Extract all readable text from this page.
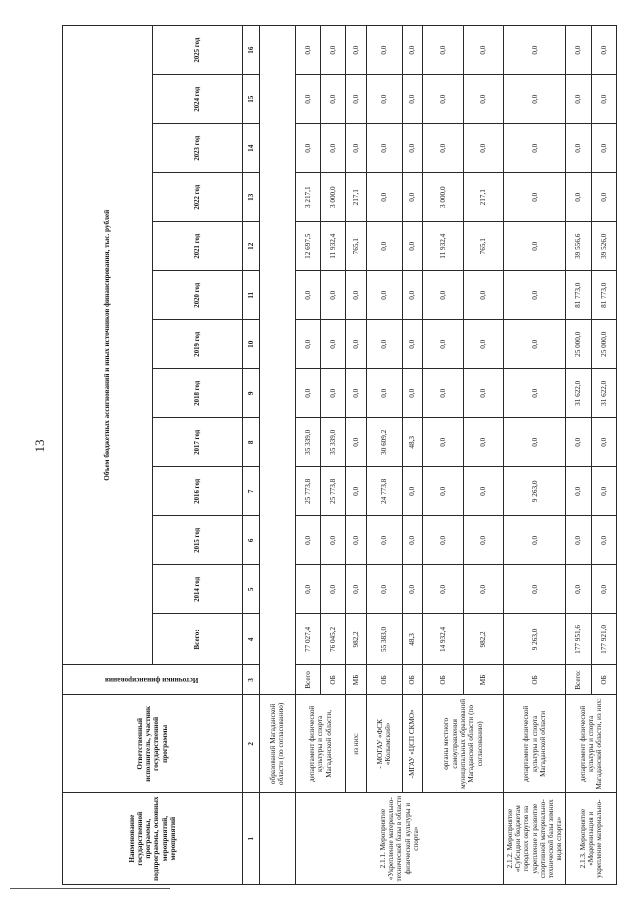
13
Наименование государственной программы, подпрограммы, основных мероприятий, мероприятий	Ответственный исполнитель, участник государственной программы	Источники финансирования	Объем бюджетных ассигнований и иных источников финансирования, тыс. рублей												
			Всего:	2014 год	2015 год	2016 год	2017 год	2018 год	2019 год	2020 год	2021 год	2022 год	2023 год	2024 год	2025 год
1	2	3	4	5	6	7	8	9	10	11	12	13	14	15	16
	образований Магаданской области (по согласованию)														
2.1.1. Мероприятие «Укрепление материально-технической базы в области физической культуры и спорта»	департамент физической культуры и спорта Магаданской области,	Всего	77 027,4	0,0	0,0	25 773,8	35 339,0	0,0	0,0	0,0	12 697,5	3 217,1	0,0	0,0	0,0
		ОБ	76 045,2	0,0	0,0	25 773,8	35 339,0	0,0	0,0	0,0	11 932,4	3 000,0	0,0	0,0	0,0
	из них:	МБ	982,2	0,0	0,0	0,0	0,0	0,0	0,0	0,0	765,1	217,1	0,0	0,0	0,0
	- МОГАУ «ФСК «Колымский»	ОБ	55 383,0	0,0	0,0	24 773,8	30 609,2	0,0	0,0	0,0	0,0	0,0	0,0	0,0	0,0
	-МГАУ «ЦСП СКМО»	ОБ	48,3	0,0	0,0	0,0	48,3	0,0	0,0	0,0	0,0	0,0	0,0	0,0	0,0
	органы местного самоуправления муниципальных образований Магаданской области (по согласованию)	ОБ	14 932,4	0,0	0,0	0,0	0,0	0,0	0,0	0,0	11 932,4	3 000,0	0,0	0,0	0,0
		МБ	982,2	0,0	0,0	0,0	0,0	0,0	0,0	0,0	765,1	217,1	0,0	0,0	0,0
2.1.2. Мероприятие «Субсидии бюджетам городских округов на укрепление и развитие спортивной материально-технической базы зимних видов спорта»	департамент физической культуры и спорта Магаданской области	ОБ	9 263,0	0,0	0,0	9 263,0	0,0	0,0	0,0	0,0	0,0	0,0	0,0	0,0	0,0
2.1.3. Мероприятие «Модернизация и укрепление материально-	департамент физической культуры и спорта Магаданской области, из них:	Всего:	177 951,6	0,0	0,0	0,0	0,0	31 622,0	25 000,0	81 773,0	39 556,6	0,0	0,0	0,0	0,0
		ОБ	177 921,0	0,0	0,0	0,0	0,0	31 622,0	25 000,0	81 773,0	39 526,0	0,0	0,0	0,0	0,0
